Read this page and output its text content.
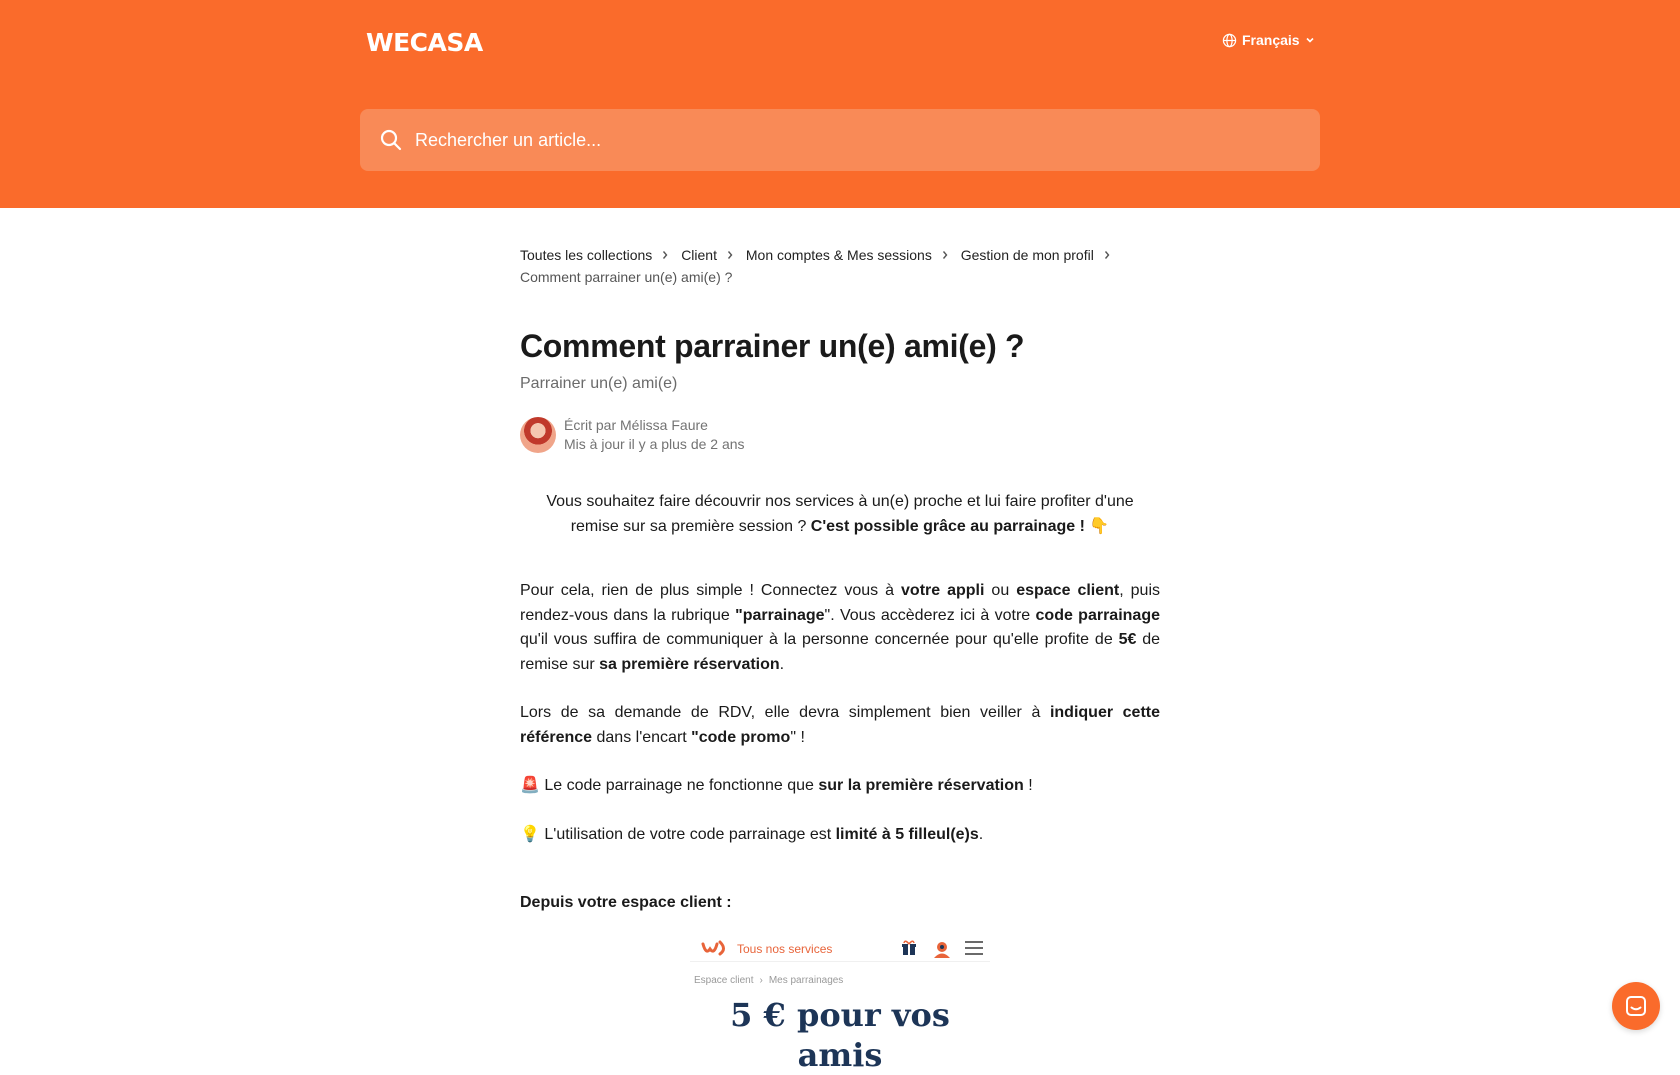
WECASA	Français
Rechercher un article...
Toutes les collections
Client
Mon comptes & Mes sessions
Gestion de mon profil

Comment parrainer un(e) ami(e) ?
Comment parrainer un(e) ami(e) ?
Parrainer un(e) ami(e)
Écrit par Mélissa Faure
Mis à jour il y a plus de 2 ans

Vous souhaitez faire découvrir nos services à un(e) proche et lui faire profiter d'une remise sur sa première session ? C'est possible grâce au parrainage ! 👇

Pour cela, rien de plus simple ! Connectez vous à votre appli ou espace client, puis rendez-vous dans la rubrique "parrainage". Vous accèderez ici à votre code parrainage qu'il vous suffira de communiquer à la personne concernée pour qu'elle profite de 5€ de remise sur sa première réservation.

Lors de sa demande de RDV, elle devra simplement bien veiller à indiquer cette référence dans l'encart "code promo" !

🚨 Le code parrainage ne fonctionne que sur la première réservation !

💡 L'utilisation de votre code parrainage est limité à 5 filleul(e)s.

Depuis votre espace client :

Tous nos services
Espace client › Mes parrainages
5 € pour vos amis
